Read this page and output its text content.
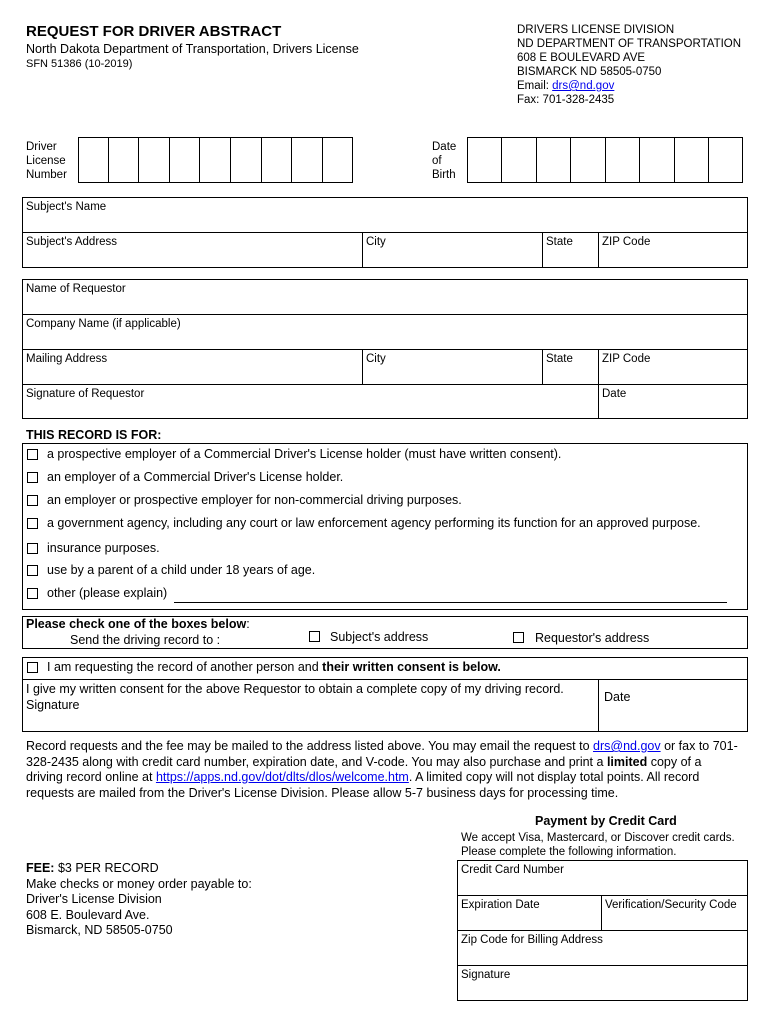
REQUEST FOR DRIVER ABSTRACT
North Dakota Department of Transportation, Drivers License
SFN 51386 (10-2019)
DRIVERS LICENSE DIVISION
ND DEPARTMENT OF TRANSPORTATION
608 E BOULEVARD AVE
BISMARCK ND 58505-0750
Email: drs@nd.gov
Fax: 701-328-2435
Driver
License
Number
Date
of
Birth
Subject's Name
Subject's Address	City	State	ZIP Code
Name of Requestor
Company Name (if applicable)
Mailing Address	City	State	ZIP Code
Signature of Requestor	Date
THIS RECORD IS FOR:
a prospective employer of a Commercial Driver's License holder (must have written consent).
an employer of a Commercial Driver's License holder.
an employer or prospective employer for non-commercial driving purposes.
a government agency, including any court or law enforcement agency performing its function for an approved purpose.
insurance purposes.
use by a parent of a child under 18 years of age.
other (please explain)
Please check one of the boxes below:
Send the driving record to :	Subject's address	Requestor's address
I am requesting the record of another person and their written consent is below.
I give my written consent for the above Requestor to obtain a complete copy of my driving record.
Signature
Date
Record requests and the fee may be mailed to the address listed above. You may email the request to drs@nd.gov or fax to 701-328-2435 along with credit card number, expiration date, and V-code. You may also purchase and print a limited copy of a driving record online at https://apps.nd.gov/dot/dlts/dlos/welcome.htm. A limited copy will not display total points. All record requests are mailed from the Driver's License Division. Please allow 5-7 business days for processing time.
FEE: $3 PER RECORD
Make checks or money order payable to:
Driver's License Division
608 E. Boulevard Ave.
Bismarck, ND 58505-0750
Payment by Credit Card
We accept Visa, Mastercard, or Discover credit cards.
Please complete the following information.
Credit Card Number
Expiration Date	Verification/Security Code
Zip Code for Billing Address
Signature
